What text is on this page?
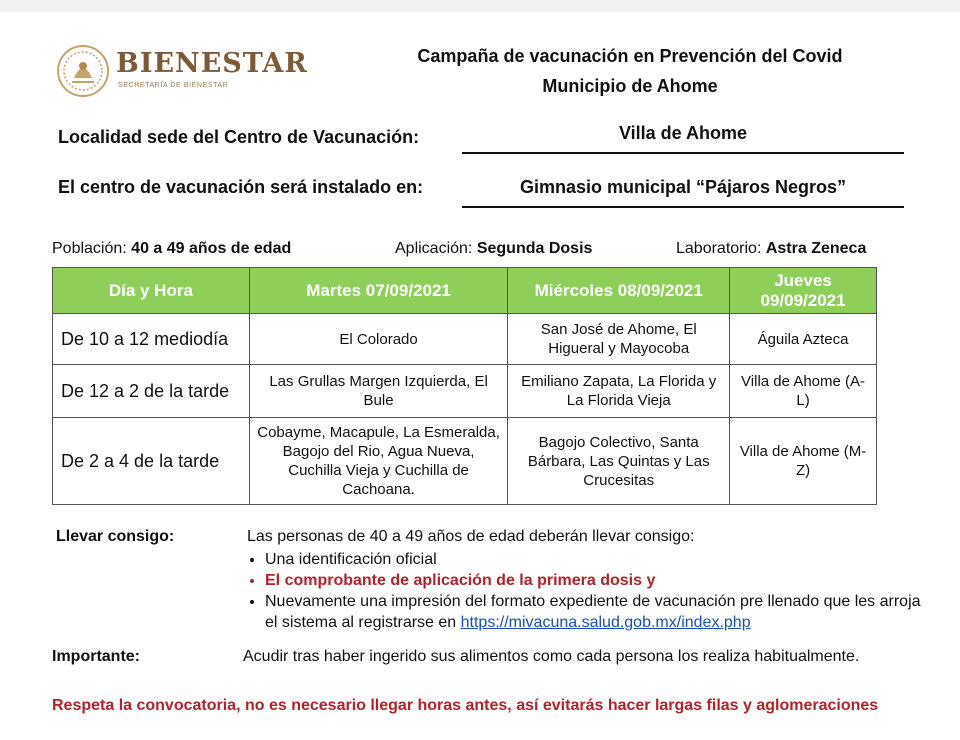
BIENESTAR
SECRETARÍA DE BIENESTAR
Campaña de vacunación en Prevención del Covid
Municipio de Ahome
Localidad sede del Centro de Vacunación:	Villa de Ahome
El centro de vacunación será instalado en:	Gimnasio municipal “Pájaros Negros”
Población: 40 a 49 años de edad	Aplicación: Segunda Dosis	Laboratorio: Astra Zeneca
Día y Hora	Martes 07/09/2021	Miércoles 08/09/2021	Jueves 09/09/2021
De 10 a 12 mediodía	El Colorado	San José de Ahome, El Higueral y Mayocoba	Águila Azteca
De 12 a 2 de la tarde	Las Grullas Margen Izquierda, El Bule	Emiliano Zapata, La Florida y La Florida Vieja	Villa de Ahome (A-L)
De 2 a 4 de la tarde	Cobayme, Macapule, La Esmeralda, Bagojo del Rio, Agua Nueva, Cuchilla Vieja y Cuchilla de Cachoana.	Bagojo Colectivo, Santa Bárbara, Las Quintas y Las Crucesitas	Villa de Ahome (M-Z)
Llevar consigo:	Las personas de 40 a 49 años de edad deberán llevar consigo:
• Una identificación oficial
• El comprobante de aplicación de la primera dosis y
• Nuevamente una impresión del formato expediente de vacunación pre llenado que les arroja el sistema al registrarse en https://mivacuna.salud.gob.mx/index.php
Importante:	Acudir tras haber ingerido sus alimentos como cada persona los realiza habitualmente.
Respeta la convocatoria, no es necesario llegar horas antes, así evitarás hacer largas filas y aglomeraciones
